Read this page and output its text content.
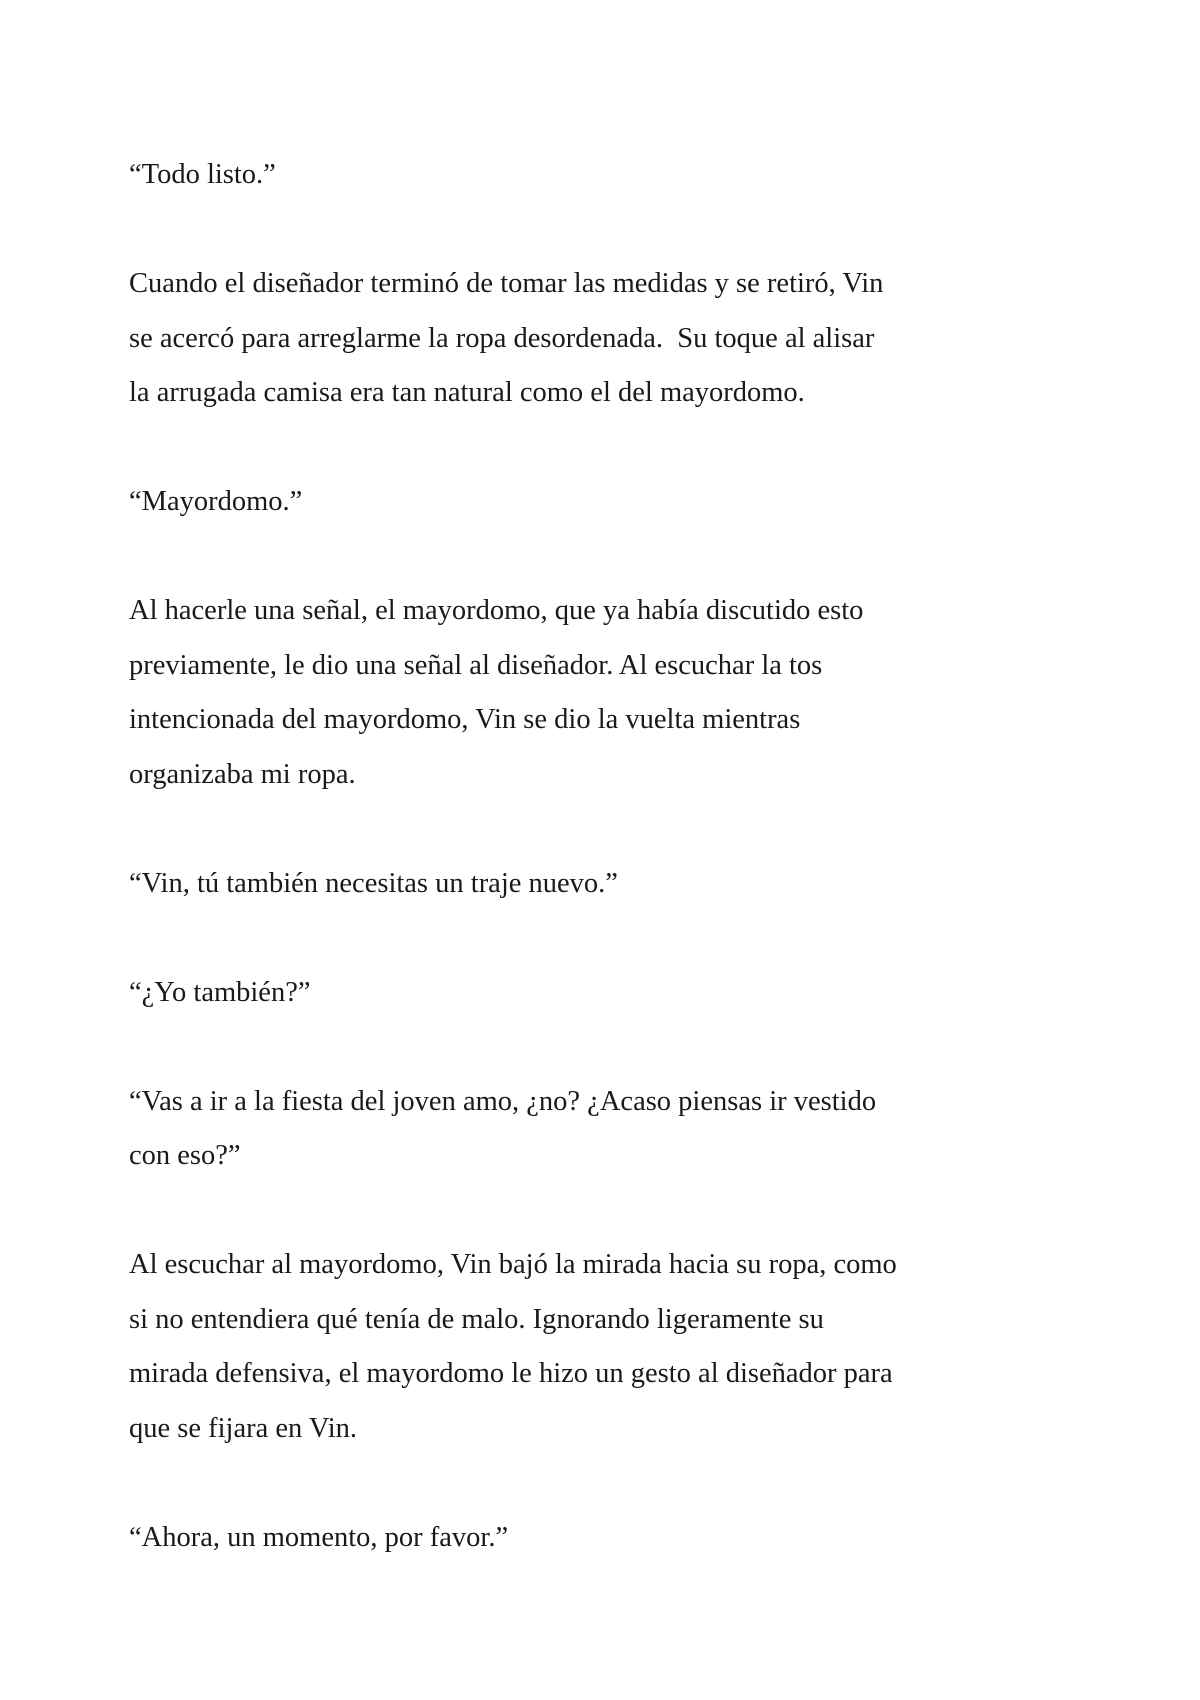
“Todo listo.”

Cuando el diseñador terminó de tomar las medidas y se retiró, Vin
se acercó para arreglarme la ropa desordenada.  Su toque al alisar
la arrugada camisa era tan natural como el del mayordomo.

“Mayordomo.”

Al hacerle una señal, el mayordomo, que ya había discutido esto
previamente, le dio una señal al diseñador. Al escuchar la tos
intencionada del mayordomo, Vin se dio la vuelta mientras
organizaba mi ropa.

“Vin, tú también necesitas un traje nuevo.”

“¿Yo también?”

“Vas a ir a la fiesta del joven amo, ¿no? ¿Acaso piensas ir vestido
con eso?”

Al escuchar al mayordomo, Vin bajó la mirada hacia su ropa, como
si no entendiera qué tenía de malo. Ignorando ligeramente su
mirada defensiva, el mayordomo le hizo un gesto al diseñador para
que se fijara en Vin.

“Ahora, un momento, por favor.”
